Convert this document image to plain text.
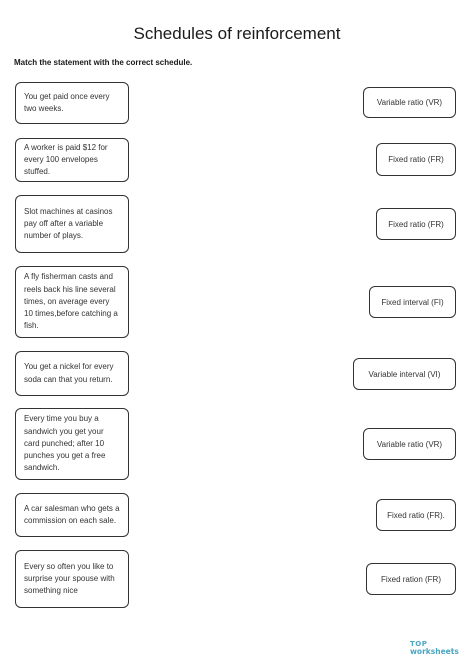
Schedules of reinforcement
Match the statement with the correct schedule.
You get paid once every two weeks.
A worker is paid $12 for every 100 envelopes stuffed.
Slot machines at casinos pay off after a variable number of plays.
A fly fisherman casts and reels back his line several times, on average every 10 times,before catching a fish.
You get a nickel for every soda can that you return.
Every time you buy a sandwich you get your card punched; after 10 punches you get a free sandwich.
A car salesman who gets a commission on each sale.
Every so often you like to surprise your spouse with something nice
Variable ratio (VR)
Fixed ratio (FR)
Fixed ratio (FR)
Fixed interval (FI)
Variable interval (VI)
Variable ratio (VR)
Fixed ratio (FR).
Fixed ration (FR)
TOP
worksheets
